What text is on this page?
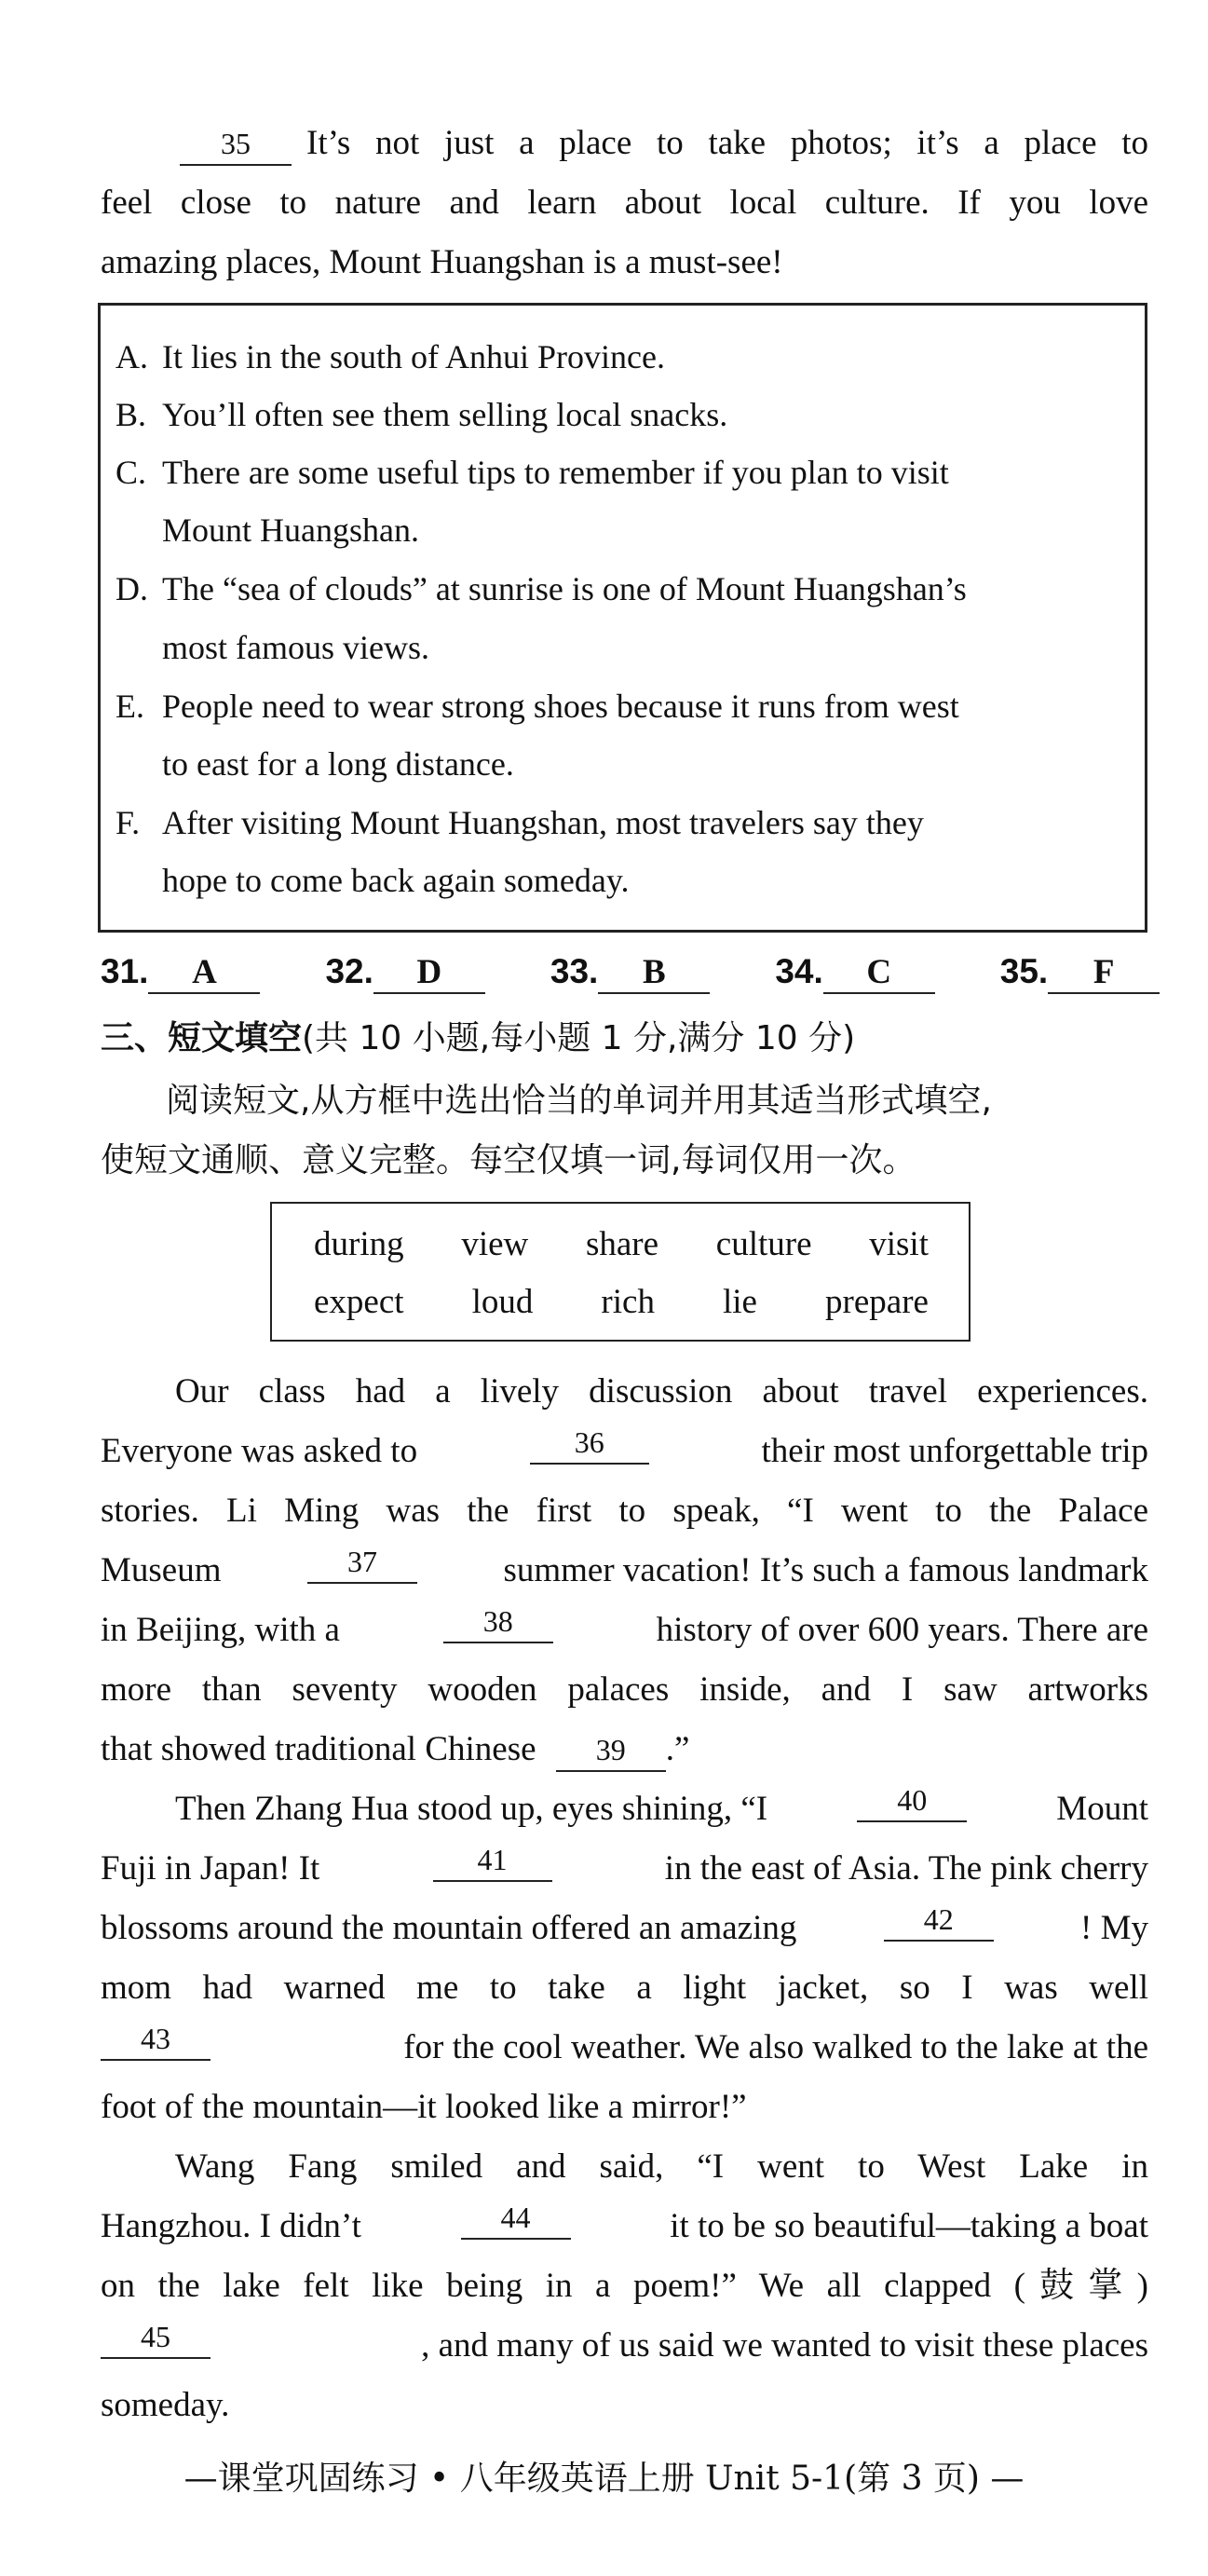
35	It’s not just a place to take photos; it’s a place to
feel close to nature and learn about local culture. If you love
amazing places, Mount Huangshan is a must-see!
A. It lies in the south of Anhui Province.
B. You’ll often see them selling local snacks.
C. There are some useful tips to remember if you plan to visit
Mount Huangshan.
D. The “sea of clouds” at sunrise is one of Mount Huangshan’s
most famous views.
E. People need to wear strong shoes because it runs from west
to east for a long distance.
F. After visiting Mount Huangshan, most travelers say they
hope to come back again someday.
31. A	32. D	33. B	34. C	35. F
三、短文填空(共 10 小题,每小题 1 分,满分 10 分)
阅读短文,从方框中选出恰当的单词并用其适当形式填空,
使短文通顺、意义完整。每空仅填一词,每词仅用一次。
during view share culture visit
expect loud rich lie prepare
Our class had a lively discussion about travel experiences.
Everyone was asked to	36	their most unforgettable trip
stories. Li Ming was the first to speak, “I went to the Palace
Museum	37	summer vacation! It’s such a famous landmark
in Beijing, with a	38	history of over 600 years. There are
more than seventy wooden palaces inside, and I saw artworks
that showed traditional Chinese 39 .”
Then Zhang Hua stood up, eyes shining, “I	40	Mount
Fuji in Japan! It	41	in the east of Asia. The pink cherry
blossoms around the mountain offered an amazing	42	! My
mom had warned me to take a light jacket, so I was well
43	for the cool weather. We also walked to the lake at the
foot of the mountain—it looked like a mirror!”
Wang Fang smiled and said, “I went to West Lake in
Hangzhou. I didn’t	44	it to be so beautiful—taking a boat
on the lake felt like being in a poem!” We all clapped (鼓掌)
45	, and many of us said we wanted to visit these places
someday.
—课堂巩固练习 • 八年级英语上册 Unit 5-1(第 3 页) —
